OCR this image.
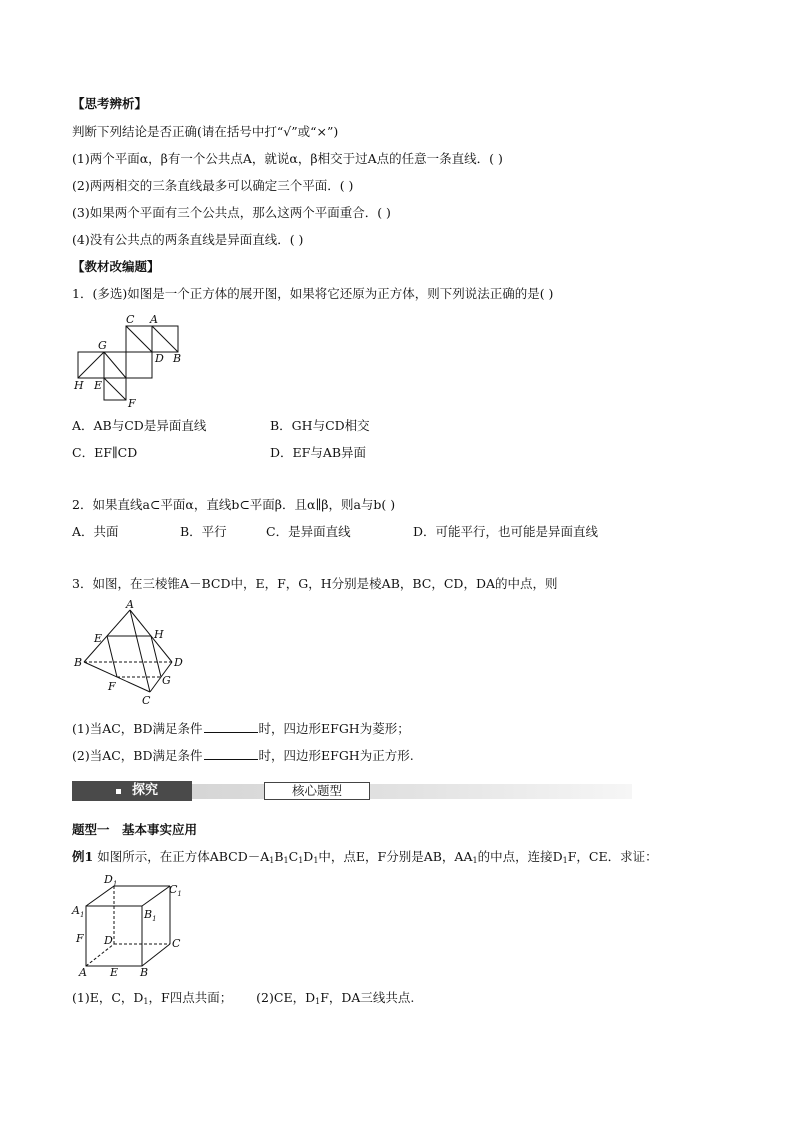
【思考辨析】
判断下列结论是否正确(请在括号中打“√”或“×”)
(1)两个平面α，β有一个公共点A，就说α，β相交于过A点的任意一条直线．( )
(2)两两相交的三条直线最多可以确定三个平面．( )
(3)如果两个平面有三个公共点，那么这两个平面重合．( )
(4)没有公共点的两条直线是异面直线．( )
【教材改编题】
1．(多选)如图是一个正方体的展开图，如果将它还原为正方体，则下列说法正确的是( )
C A
G
D B
H E
F
A．AB与CD是异面直线	B．GH与CD相交
C．EF∥CD	D．EF与AB异面
2．如果直线a⊂平面α，直线b⊂平面β．且α∥β，则a与b( )
A．共面	B．平行	C．是异面直线	D．可能平行，也可能是异面直线
3．如图，在三棱锥A－BCD中，E，F，G，H分别是棱AB，BC，CD，DA的中点，则
A
E	H
B	D
F	G
C
(1)当AC，BD满足条件	时，四边形EFGH为菱形；
(2)当AC，BD满足条件	时，四边形EFGH为正方形.
探究	核心题型
题型一　基本事实应用
例1 如图所示，在正方体$ABCD-A_1B_1C_1D_1$中，点E，F分别是AB，$AA_1$的中点，连接$D_1F$，CE．求证：
$D_1$	$C_1$
$A_1$	$B_1$
F D	C
A E B
(1)E，C，$D_1$，F四点共面； (2)CE，$D_1F$，DA三线共点.
